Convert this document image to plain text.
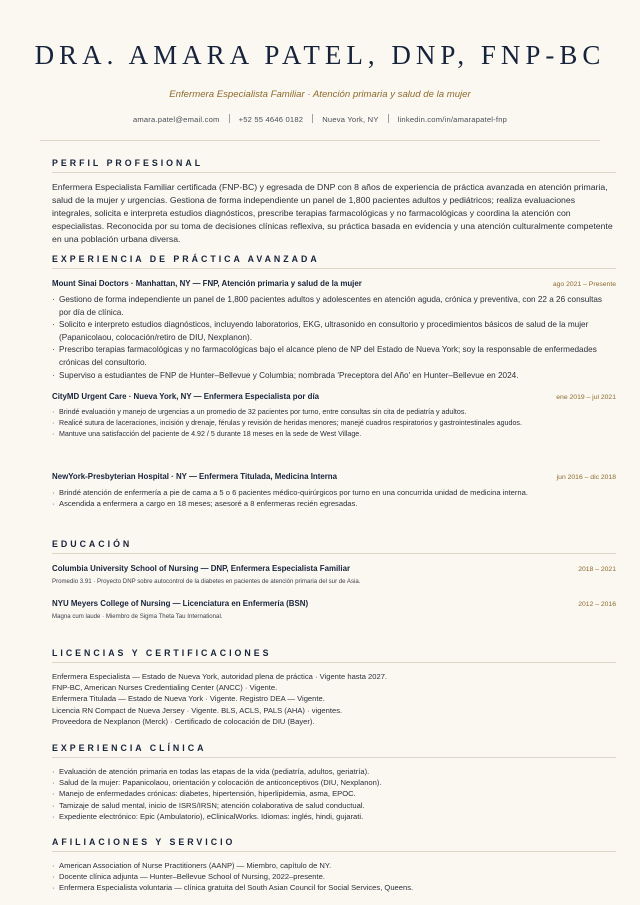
DRA. AMARA PATEL, DNP, FNP-BC
Enfermera Especialista Familiar · Atención primaria y salud de la mujer
amara.patel@email.com	+52 55 4646 0182	Nueva York, NY	linkedin.com/in/amarapatel-fnp
PERFIL PROFESIONAL
Enfermera Especialista Familiar certificada (FNP-BC) y egresada de DNP con 8 años de experiencia de práctica avanzada en atención primaria, salud de la mujer y urgencias. Gestiona de forma independiente un panel de 1,800 pacientes adultos y pediátricos; realiza evaluaciones integrales, solicita e interpreta estudios diagnósticos, prescribe terapias farmacológicas y no farmacológicas y coordina la atención con especialistas. Reconocida por su toma de decisiones clínicas reflexiva, su práctica basada en evidencia y una atención culturalmente competente en una población urbana diversa.
EXPERIENCIA DE PRÁCTICA AVANZADA
Mount Sinai Doctors · Manhattan, NY — FNP, Atención primaria y salud de la mujer	ago 2021 – Presente
· Gestiono de forma independiente un panel de 1,800 pacientes adultos y adolescentes en atención aguda, crónica y preventiva, con 22 a 26 consultas por día de clínica.
· Solicito e interpreto estudios diagnósticos, incluyendo laboratorios, EKG, ultrasonido en consultorio y procedimientos básicos de salud de la mujer (Papanicolaou, colocación/retiro de DIU, Nexplanon).
· Prescribo terapias farmacológicas y no farmacológicas bajo el alcance pleno de NP del Estado de Nueva York; soy la responsable de enfermedades crónicas del consultorio.
· Superviso a estudiantes de FNP de Hunter–Bellevue y Columbia; nombrada 'Preceptora del Año' en Hunter–Bellevue en 2024.
CityMD Urgent Care · Nueva York, NY — Enfermera Especialista por día	ene 2019 – jul 2021
· Brindé evaluación y manejo de urgencias a un promedio de 32 pacientes por turno, entre consultas sin cita de pediatría y adultos.
· Realicé sutura de laceraciones, incisión y drenaje, férulas y revisión de heridas menores; manejé cuadros respiratorios y gastrointestinales agudos.
· Mantuve una satisfacción del paciente de 4.92 / 5 durante 18 meses en la sede de West Village.
NewYork-Presbyterian Hospital · NY — Enfermera Titulada, Medicina Interna	jun 2016 – dic 2018
· Brindé atención de enfermería a pie de cama a 5 o 6 pacientes médico-quirúrgicos por turno en una concurrida unidad de medicina interna.
· Ascendida a enfermera a cargo en 18 meses; asesoré a 8 enfermeras recién egresadas.
EDUCACIÓN
Columbia University School of Nursing — DNP, Enfermera Especialista Familiar	2018 – 2021
Promedio 3.91 · Proyecto DNP sobre autocontrol de la diabetes en pacientes de atención primaria del sur de Asia.
NYU Meyers College of Nursing — Licenciatura en Enfermería (BSN)	2012 – 2016
Magna cum laude · Miembro de Sigma Theta Tau International.
LICENCIAS Y CERTIFICACIONES
Enfermera Especialista — Estado de Nueva York, autoridad plena de práctica · Vigente hasta 2027.
FNP-BC, American Nurses Credentialing Center (ANCC) · Vigente.
Enfermera Titulada — Estado de Nueva York · Vigente. Registro DEA — Vigente.
Licencia RN Compact de Nueva Jersey · Vigente. BLS, ACLS, PALS (AHA) · vigentes.
Proveedora de Nexplanon (Merck) · Certificado de colocación de DIU (Bayer).
EXPERIENCIA CLÍNICA
· Evaluación de atención primaria en todas las etapas de la vida (pediatría, adultos, geriatría).
· Salud de la mujer: Papanicolaou, orientación y colocación de anticonceptivos (DIU, Nexplanon).
· Manejo de enfermedades crónicas: diabetes, hipertensión, hiperlipidemia, asma, EPOC.
· Tamizaje de salud mental, inicio de ISRS/IRSN; atención colaborativa de salud conductual.
· Expediente electrónico: Epic (Ambulatorio), eClinicalWorks. Idiomas: inglés, hindi, gujarati.
AFILIACIONES Y SERVICIO
· American Association of Nurse Practitioners (AANP) — Miembro, capítulo de NY.
· Docente clínica adjunta — Hunter–Bellevue School of Nursing, 2022–presente.
· Enfermera Especialista voluntaria — clínica gratuita del South Asian Council for Social Services, Queens.
